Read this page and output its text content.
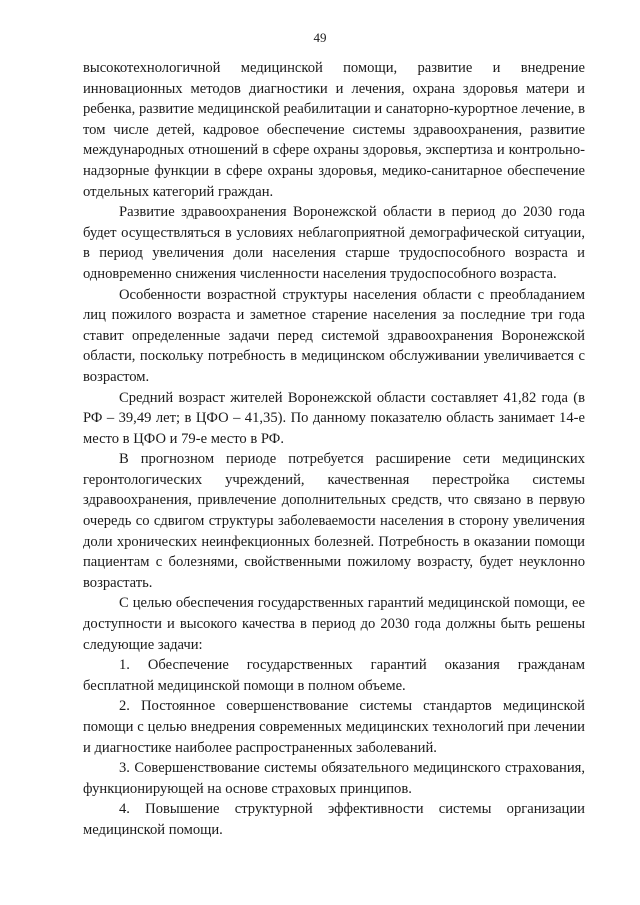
49

высокотехнологичной медицинской помощи, развитие и внедрение инновационных методов диагностики и лечения, охрана здоровья матери и ребенка, развитие медицинской реабилитации и санаторно-курортное лечение, в том числе детей, кадровое обеспечение системы здравоохранения, развитие международных отношений в сфере охраны здоровья, экспертиза и контрольно-надзорные функции в сфере охраны здоровья, медико-санитарное обеспечение отдельных категорий граждан.

Развитие здравоохранения Воронежской области в период до 2030 года будет осуществляться в условиях неблагоприятной демографической ситуации, в период увеличения доли населения старше трудоспособного возраста и одновременно снижения численности населения трудоспособного возраста.

Особенности возрастной структуры населения области с преобладанием лиц пожилого возраста и заметное старение населения за последние три года ставит определенные задачи перед системой здравоохранения Воронежской области, поскольку потребность в медицинском обслуживании увеличивается с возрастом.

Средний возраст жителей Воронежской области составляет 41,82 года (в РФ – 39,49 лет; в ЦФО – 41,35). По данному показателю область занимает 14-е место в ЦФО и 79-е место в РФ.

В прогнозном периоде потребуется расширение сети медицинских геронтологических учреждений, качественная перестройка системы здравоохранения, привлечение дополнительных средств, что связано в первую очередь со сдвигом структуры заболеваемости населения в сторону увеличения доли хронических неинфекционных болезней. Потребность в оказании помощи пациентам с болезнями, свойственными пожилому возрасту, будет неуклонно возрастать.

С целью обеспечения государственных гарантий медицинской помощи, ее доступности и высокого качества в период до 2030 года должны быть решены следующие задачи:

1. Обеспечение государственных гарантий оказания гражданам бесплатной медицинской помощи в полном объеме.

2. Постоянное совершенствование системы стандартов медицинской помощи с целью внедрения современных медицинских технологий при лечении и диагностике наиболее распространенных заболеваний.

3. Совершенствование системы обязательного медицинского страхования, функционирующей на основе страховых принципов.

4. Повышение структурной эффективности системы организации медицинской помощи.
